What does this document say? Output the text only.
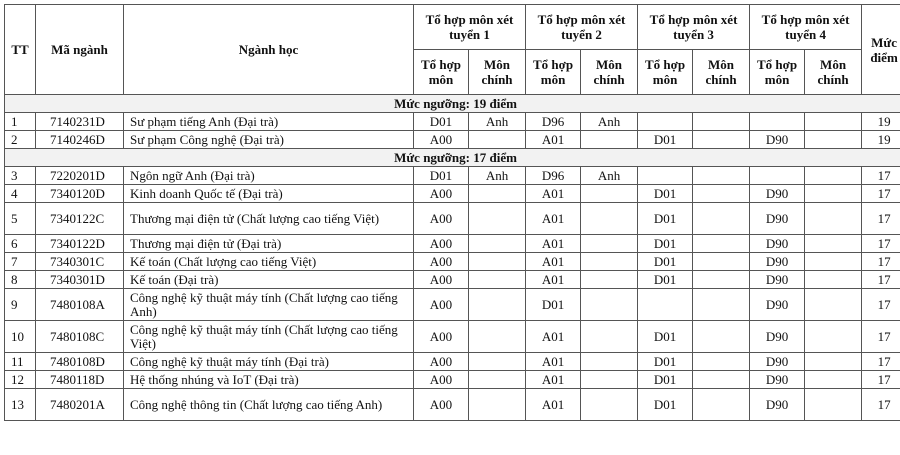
TT	Mã ngành	Ngành học	Tổ hợp môn xét tuyển 1		Tổ hợp môn xét tuyển 2		Tổ hợp môn xét tuyển 3		Tổ hợp môn xét tuyển 4		Mức điểm
			Tổ hợp môn	Môn chính	Tổ hợp môn	Môn chính	Tổ hợp môn	Môn chính	Tổ hợp môn	Môn chính	
Mức ngưỡng: 19 điểm											
1	7140231D	Sư phạm tiếng Anh (Đại trà)	D01	Anh	D96	Anh					19
2	7140246D	Sư phạm Công nghệ (Đại trà)	A00		A01		D01		D90		19
Mức ngưỡng: 17 điểm											
3	7220201D	Ngôn ngữ Anh (Đại trà)	D01	Anh	D96	Anh					17
4	7340120D	Kinh doanh Quốc tế (Đại trà)	A00		A01		D01		D90		17
5	7340122C	Thương mại điện tử (Chất lượng cao tiếng Việt)	A00		A01		D01		D90		17
6	7340122D	Thương mại điện tử (Đại trà)	A00		A01		D01		D90		17
7	7340301C	Kế toán (Chất lượng cao tiếng Việt)	A00		A01		D01		D90		17
8	7340301D	Kế toán (Đại trà)	A00		A01		D01		D90		17
9	7480108A	Công nghệ kỹ thuật máy tính (Chất lượng cao tiếng Anh)	A00		D01				D90		17
10	7480108C	Công nghệ kỹ thuật máy tính (Chất lượng cao tiếng Việt)	A00		A01		D01		D90		17
11	7480108D	Công nghệ kỹ thuật máy tính (Đại trà)	A00		A01		D01		D90		17
12	7480118D	Hệ thống nhúng và IoT (Đại trà)	A00		A01		D01		D90		17
13	7480201A	Công nghệ thông tin (Chất lượng cao tiếng Anh)	A00		A01		D01		D90		17
